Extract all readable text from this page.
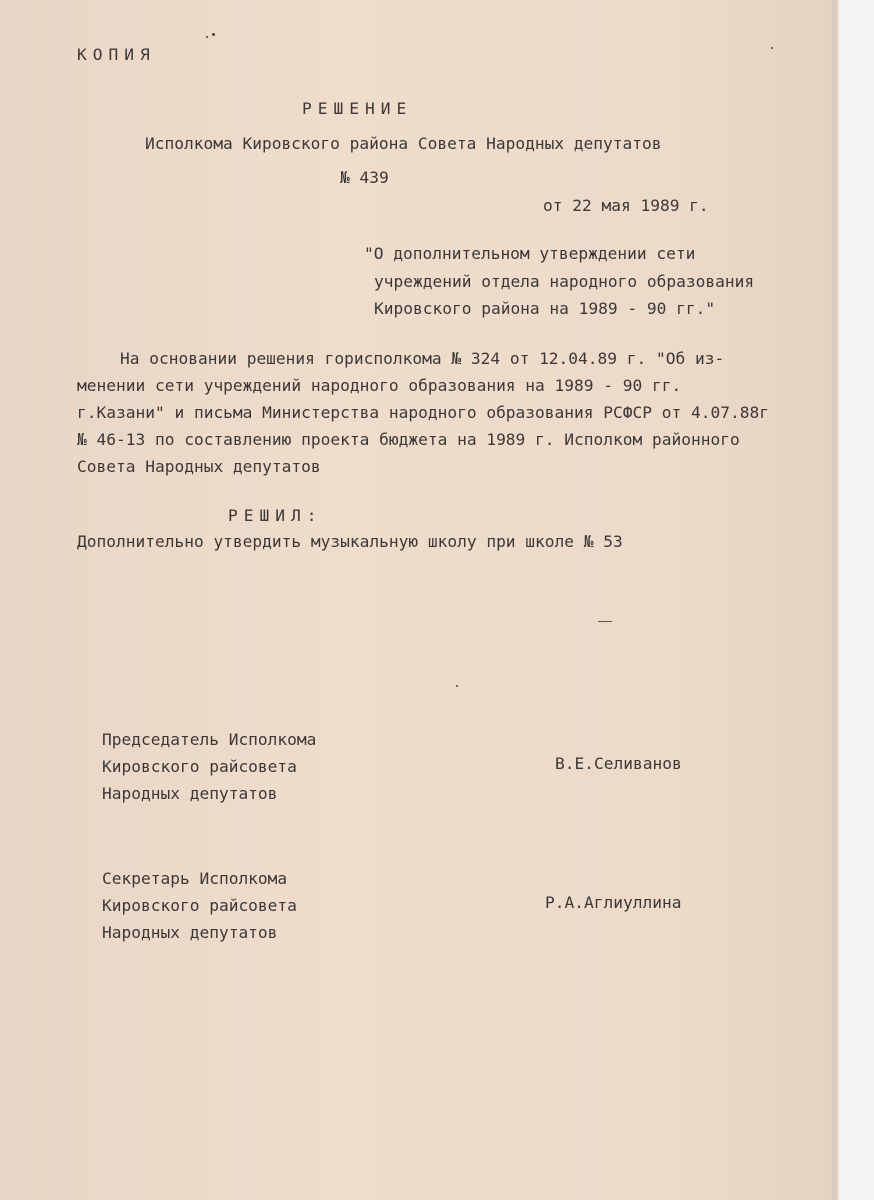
КОПИЯ
РЕШЕНИЕ
Исполкома Кировского района Совета Народных депутатов
№ 439
от 22 мая 1989 г.
"О дополнительном утверждении сети
учреждений отдела народного образования
Кировского района на 1989 - 90 гг."
На основании решения горисполкома № 324 от 12.04.89 г. "Об из-
менении сети учреждений народного образования на 1989 - 90 гг.
г.Казани" и письма Министерства народного образования РСФСР от 4.07.88г
№ 46-13 по составлению проекта бюджета на 1989 г. Исполком районного
Совета Народных депутатов
РЕШИЛ:
Дополнительно утвердить музыкальную школу при школе № 53
Председатель Исполкома
Кировского райсовета
Народных депутатов
В.Е.Селиванов
Секретарь Исполкома
Кировского райсовета
Народных депутатов
Р.А.Аглиуллина
